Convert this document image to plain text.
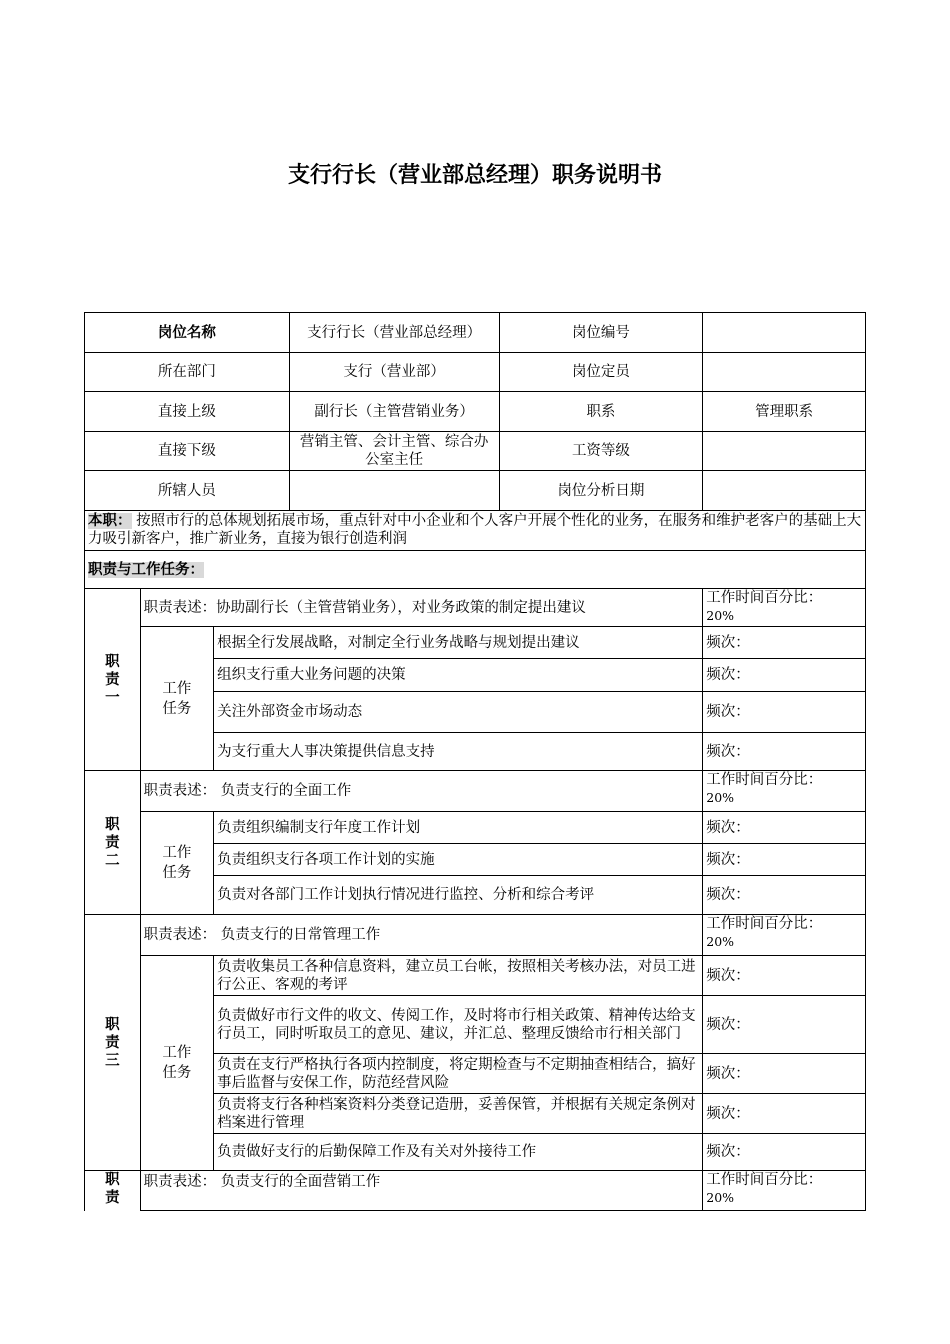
支行行长（营业部总经理）职务说明书
岗位名称			支行行长（营业部总经理）	岗位编号	
所在部门			支行（营业部）	岗位定员	
直接上级			副行长（主管营销业务）	职系	管理职系
直接下级			营销主管、会计主管、综合办公室主任	工资等级	
所辖人员				岗位分析日期	
本职： 按照市行的总体规划拓展市场，重点针对中小企业和个人客户开展个性化的业务，在服务和维护老客户的基础上大力吸引新客户，推广新业务，直接为银行创造利润					
职责与工作任务：					
职
责
一	职责表述：协助副行长（主管营销业务），对业务政策的制定提出建议				工作时间百分比：
20%

	工作
任务	根据全行发展战略，对制定全行业务战略与规划提出建议			频次：
		组织支行重大业务问题的决策			频次：
		关注外部资金市场动态			频次：
		为支行重大人事决策提供信息支持			频次：
职
责
二	职责表述： 负责支行的全面工作				工作时间百分比：
20%

	工作
任务	负责组织编制支行年度工作计划			频次：
		负责组织支行各项工作计划的实施			频次：
		负责对各部门工作计划执行情况进行监控、分析和综合考评			频次：
职
责
三	职责表述： 负责支行的日常管理工作				工作时间百分比：
20%

	工作
任务	负责收集员工各种信息资料，建立员工台帐，按照相关考核办法，对员工进行公正、客观的考评			频次：
		负责做好市行文件的收文、传阅工作，及时将市行相关政策、精神传达给支行员工，同时听取员工的意见、建议，并汇总、整理反馈给市行相关部门			频次：
		负责在支行严格执行各项内控制度，将定期检查与不定期抽查相结合，搞好事后监督与安保工作，防范经营风险			频次：
		负责将支行各种档案资料分类登记造册，妥善保管，并根据有关规定条例对档案进行管理			频次：
		负责做好支行的后勤保障工作及有关对外接待工作			频次：
职
责	职责表述： 负责支行的全面营销工作				工作时间百分比：
20%
